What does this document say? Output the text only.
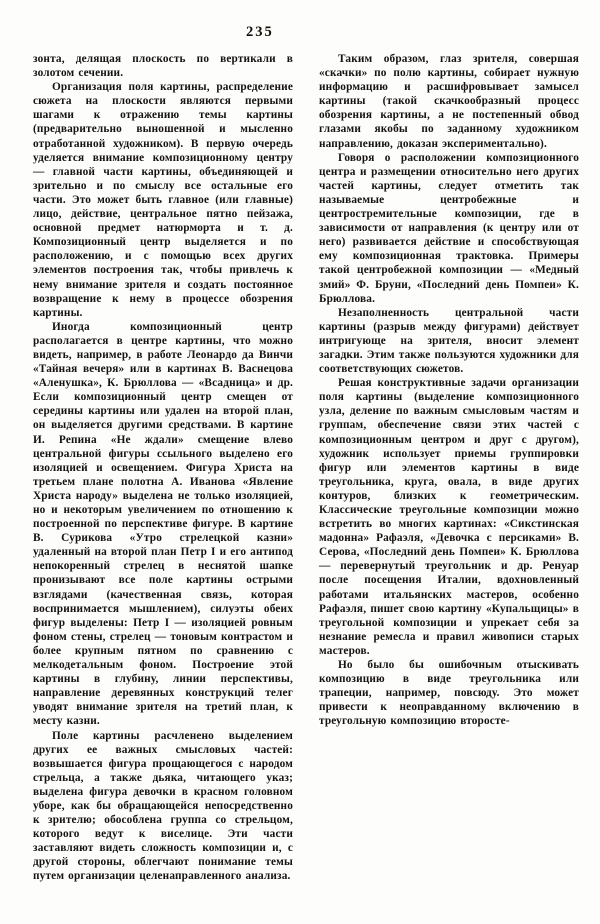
235

зонта, делящая плоскость по вертикали в золотом сечении.

Организация поля картины, распределение сюжета на плоскости являются первыми шагами к отражению темы картины (предварительно выношенной и мысленно отработанной художником). В первую очередь уделяется внимание композиционному центру — главной части картины, объединяющей и зрительно и по смыслу все остальные его части. Это может быть главное (или главные) лицо, действие, центральное пятно пейзажа, основной предмет натюрморта и т. д. Композиционный центр выделяется и по расположению, и с помощью всех других элементов построения так, чтобы привлечь к нему внимание зрителя и создать постоянное возвращение к нему в процессе обозрения картины.

Иногда композиционный центр располагается в центре картины, что можно видеть, например, в работе Леонардо да Винчи «Тайная вечеря» или в картинах В. Васнецова «Аленушка», К. Брюллова — «Всадница» и др. Если композиционный центр смещен от середины картины или удален на второй план, он выделяется другими средствами. В картине И. Репина «Не ждали» смещение влево центральной фигуры ссыльного выделено его изоляцией и освещением. Фигура Христа на третьем плане полотна А. Иванова «Явление Христа народу» выделена не только изоляцией, но и некоторым увеличением по отношению к построенной по перспективе фигуре. В картине В. Сурикова «Утро стрелецкой казни» удаленный на второй план Петр I и его антипод непокоренный стрелец в неснятой шапке пронизывают все поле картины острыми взглядами (качественная связь, которая воспринимается мышлением), силуэты обеих фигур выделены: Петр I — изоляцией ровным фоном стены, стрелец — тоновым контрастом и более крупным пятном по сравнению с мелкодетальным фоном. Построение этой картины в глубину, линии перспективы, направление деревянных конструкций телег уводят внимание зрителя на третий план, к месту казни.

Поле картины расчленено выделением других ее важных смысловых частей: возвышается фигура прощающегося с народом стрельца, а также дьяка, читающего указ; выделена фигура девочки в красном головном уборе, как бы обращающейся непосредственно к зрителю; обособлена группа со стрельцом, которого ведут к виселице. Эти части заставляют видеть сложность композиции и, с другой стороны, облегчают понимание темы путем организации целенаправленного анализа.

Таким образом, глаз зрителя, совершая «скачки» по полю картины, собирает нужную информацию и расшифровывает замысел картины (такой скачкообразный процесс обозрения картины, а не постепенный обвод глазами якобы по заданному художником направлению, доказан экспериментально).

Говоря о расположении композиционного центра и размещении относительно него других частей картины, следует отметить так называемые центробежные и центростремительные композиции, где в зависимости от направления (к центру или от него) развивается действие и способствующая ему композиционная трактовка. Примеры такой центробежной композиции — «Медный змий» Ф. Бруни, «Последний день Помпеи» К. Брюллова.

Незаполненность центральной части картины (разрыв между фигурами) действует интригующе на зрителя, вносит элемент загадки. Этим также пользуются художники для соответствующих сюжетов.

Решая конструктивные задачи организации поля картины (выделение композиционного узла, деление по важным смысловым частям и группам, обеспечение связи этих частей с композиционным центром и друг с другом), художник использует приемы группировки фигур или элементов картины в виде треугольника, круга, овала, в виде других контуров, близких к геометрическим. Классические треугольные композиции можно встретить во многих картинах: «Сикстинская мадонна» Рафаэля, «Девочка с персиками» В. Серова, «Последний день Помпеи» К. Брюллова — перевернутый треугольник и др. Ренуар после посещения Италии, вдохновленный работами итальянских мастеров, особенно Рафаэля, пишет свою картину «Купальщицы» в треугольной композиции и упрекает себя за незнание ремесла и правил живописи старых мастеров.

Но было бы ошибочным отыскивать композицию в виде треугольника или трапеции, например, повсюду. Это может привести к неоправданному включению в треугольную композицию второсте-
